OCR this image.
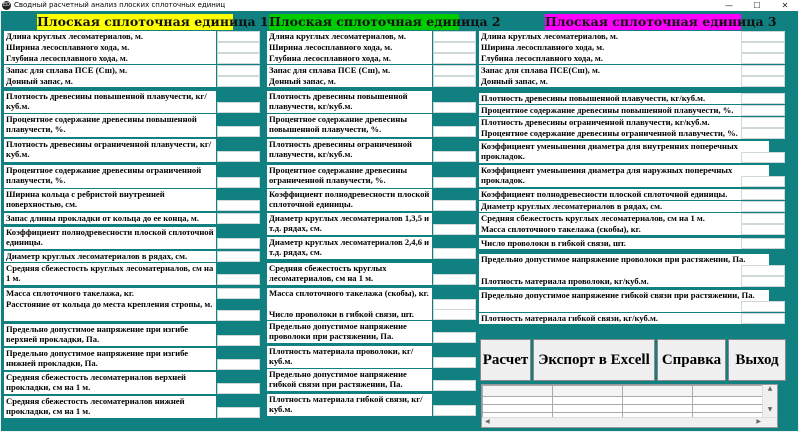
ED Сводный расчетный анализ плоских сплоточных единиц	—	☐	✕
Плоская сплоточная единица 1 Плоская сплоточная единица 2	Плоская сплоточная единица 3
Длина круглых лесоматериалов, м.
Ширина лесосплавного хода, м.
Глубина лесосплавного хода, м.
Запас для сплава ПСЕ (Сш), м.
Донный запас, м.
Плотность древесины повышенной плавучести, кг/куб.м.
Процентное содержание древесины повышенной плавучести, %.
Плотность древесины ограниченной плавучести, кг/куб.м.
Процентное содержание древесины ограниченной плавучести, %.
Ширина кольца с ребристой внутренней поверхностью, см.
Запас длины прокладки от кольца до ее конца, м.
Коэффициент полнодревесности плоской сплоточной единицы.
Диаметр круглых лесоматериалов в рядах, см.
Средняя сбежестость круглых лесоматериалов, см на 1 м.
Масса сплоточного такелажа, кг.
Расстояние от кольца до места крепления стропы, м.
Предельно допустимое напряжение при изгибе верхней прокладки, Па.
Предельно допустимое напряжение при изгибе нижней прокладки, Па.
Средняя сбежестость лесоматериалов верхней прокладки, см на 1 м.
Средняя сбежестость лесоматериалов нижней прокладки, см на 1 м.
Длина круглых лесоматериалов, м.
Ширина лесосплавного хода, м.
Глубина лесосплавного хода, м.
Запас для сплава ПСЕ (Сш), м.
Донный запас, м.
Плотность древесины повышенной плавучести, кг/куб.м.
Процентное содержание древесины повышенной плавучести, %.
Плотность древесины ограниченной плавучести, кг/куб.м.
Процентное содержание древесины ограниченной плавучести, %.
Коэффициент полнодревесности плоской сплоточной единицы.
Диаметр круглых лесоматериалов 1,3,5 и т.д. рядах, см.
Диаметр круглых лесоматериалов 2,4,6 и т.д. рядах, см.
Средняя сбежестость круглых лесоматериалов, см на 1 м.
Масса сплоточного такелажа (скобы), кг.
Число проволоки в гибкой связи, шт.
Предельно допустимое напряжение проволоки при растяжении, Па.
Плотность материала проволоки, кг/куб.м.
Предельно допустимое напряжение гибкой связи при растяжении, Па.
Плотность материала гибкой связи, кг/куб.м.
Длина круглых лесоматериалов, м.
Ширина лесосплавного хода, м.
Глубина лесосплавного хода, м.
Запас для сплава ПСЕ(Сш), м.
Донный запас, м.
Плотность древесины повышенной плавучести, кг/куб.м.
Процентное содержание древесины повышенной плавучести, %.
Плотность древесины ограниченной плавучести, кг/куб.м.
Процентное содержание древесины ограниченной плавучести, %.
Коэффициент уменьшения диаметра для внутренних поперечных прокладок.
Коэффициент уменьшения диаметра для наружных поперечных прокладок.
Коэффициент полнодревесности плоской сплоточной единицы.
Диаметр круглых лесоматериалов в рядах, см.
Средняя сбежестость круглых лесоматериалов, см на 1 м.
Масса сплоточного такелажа (скобы), кг.
Число проволоки в гибкой связи, шт.
Предельно допустимое напряжение проволоки при растяжении, Па.
Плотность материала проволоки, кг/куб.м.
Предельно допустимое напряжение гибкой связи при растяжении, Па.
Плотность материала гибкой связи, кг/куб.м.
Расчет Экспорт в Excell Справка Выход

▲
▼
◀	▶
